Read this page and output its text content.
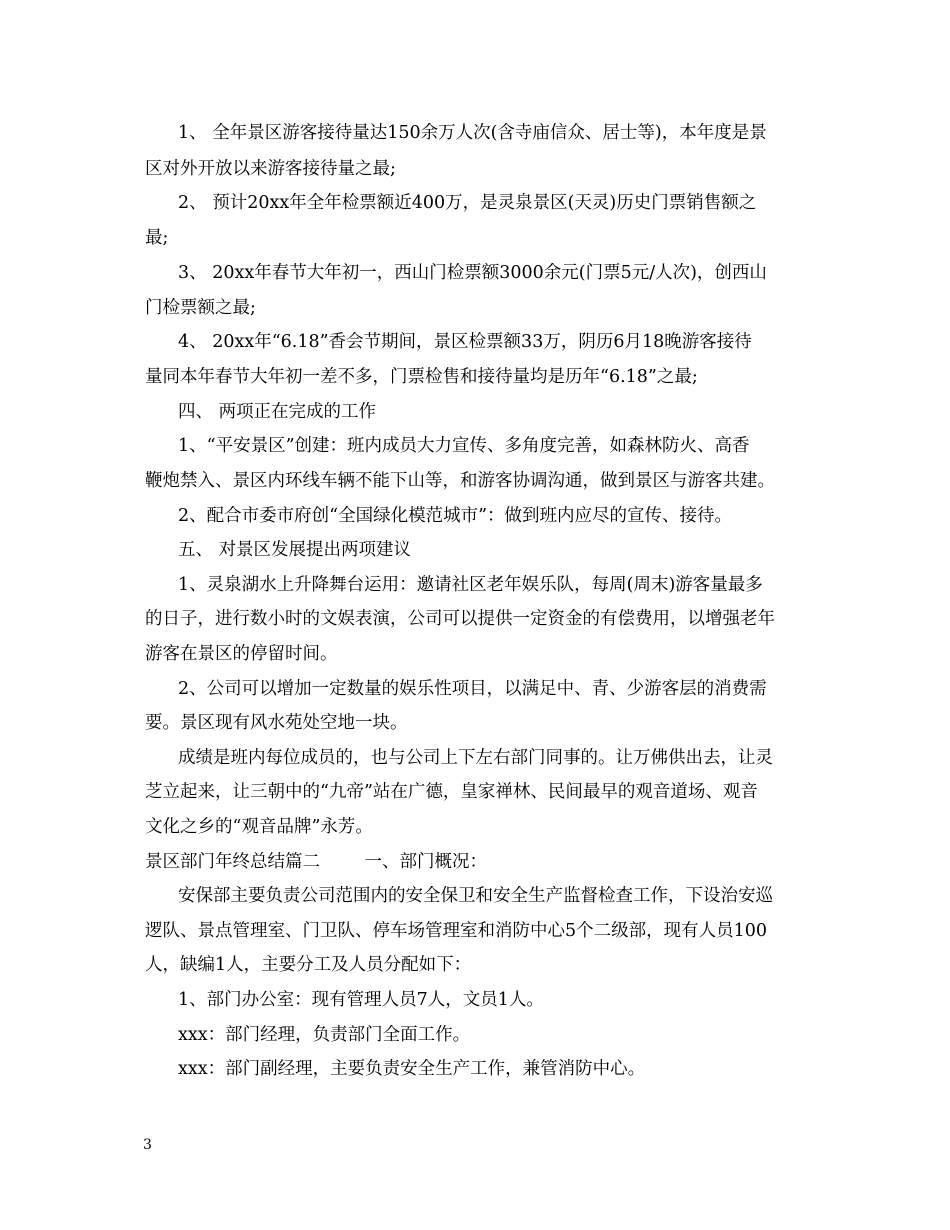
1、 全年景区游客接待量达150余万人次(含寺庙信众、居士等)，本年度是景
区对外开放以来游客接待量之最;
2、 预计20xx年全年检票额近400万，是灵泉景区(天灵)历史门票销售额之
最;
3、 20xx年春节大年初一，西山门检票额3000余元(门票5元/人次)，创西山
门检票额之最;
4、 20xx年“6.18”香会节期间，景区检票额33万，阴历6月18晚游客接待
量同本年春节大年初一差不多，门票检售和接待量均是历年“6.18”之最;
四、 两项正在完成的工作
1、“平安景区”创建：班内成员大力宣传、多角度完善，如森林防火、高香
鞭炮禁入、景区内环线车辆不能下山等，和游客协调沟通，做到景区与游客共建。
2、配合市委市府创“全国绿化模范城市”：做到班内应尽的宣传、接待。
五、 对景区发展提出两项建议
1、灵泉湖水上升降舞台运用：邀请社区老年娱乐队，每周(周末)游客量最多
的日子，进行数小时的文娱表演，公司可以提供一定资金的有偿费用，以增强老年
游客在景区的停留时间。
2、公司可以增加一定数量的娱乐性项目，以满足中、青、少游客层的消费需
要。景区现有风水苑处空地一块。
成绩是班内每位成员的，也与公司上下左右部门同事的。让万佛供出去，让灵
芝立起来，让三朝中的“九帝”站在广德，皇家禅林、民间最早的观音道场、观音
文化之乡的“观音品牌”永芳。
景区部门年终总结篇二        一、部门概况：
安保部主要负责公司范围内的安全保卫和安全生产监督检查工作，下设治安巡
逻队、景点管理室、门卫队、停车场管理室和消防中心5个二级部，现有人员100
人，缺编1人，主要分工及人员分配如下：
1、部门办公室：现有管理人员7人，文员1人。
xxx：部门经理，负责部门全面工作。
xxx：部门副经理，主要负责安全生产工作，兼管消防中心。
3
